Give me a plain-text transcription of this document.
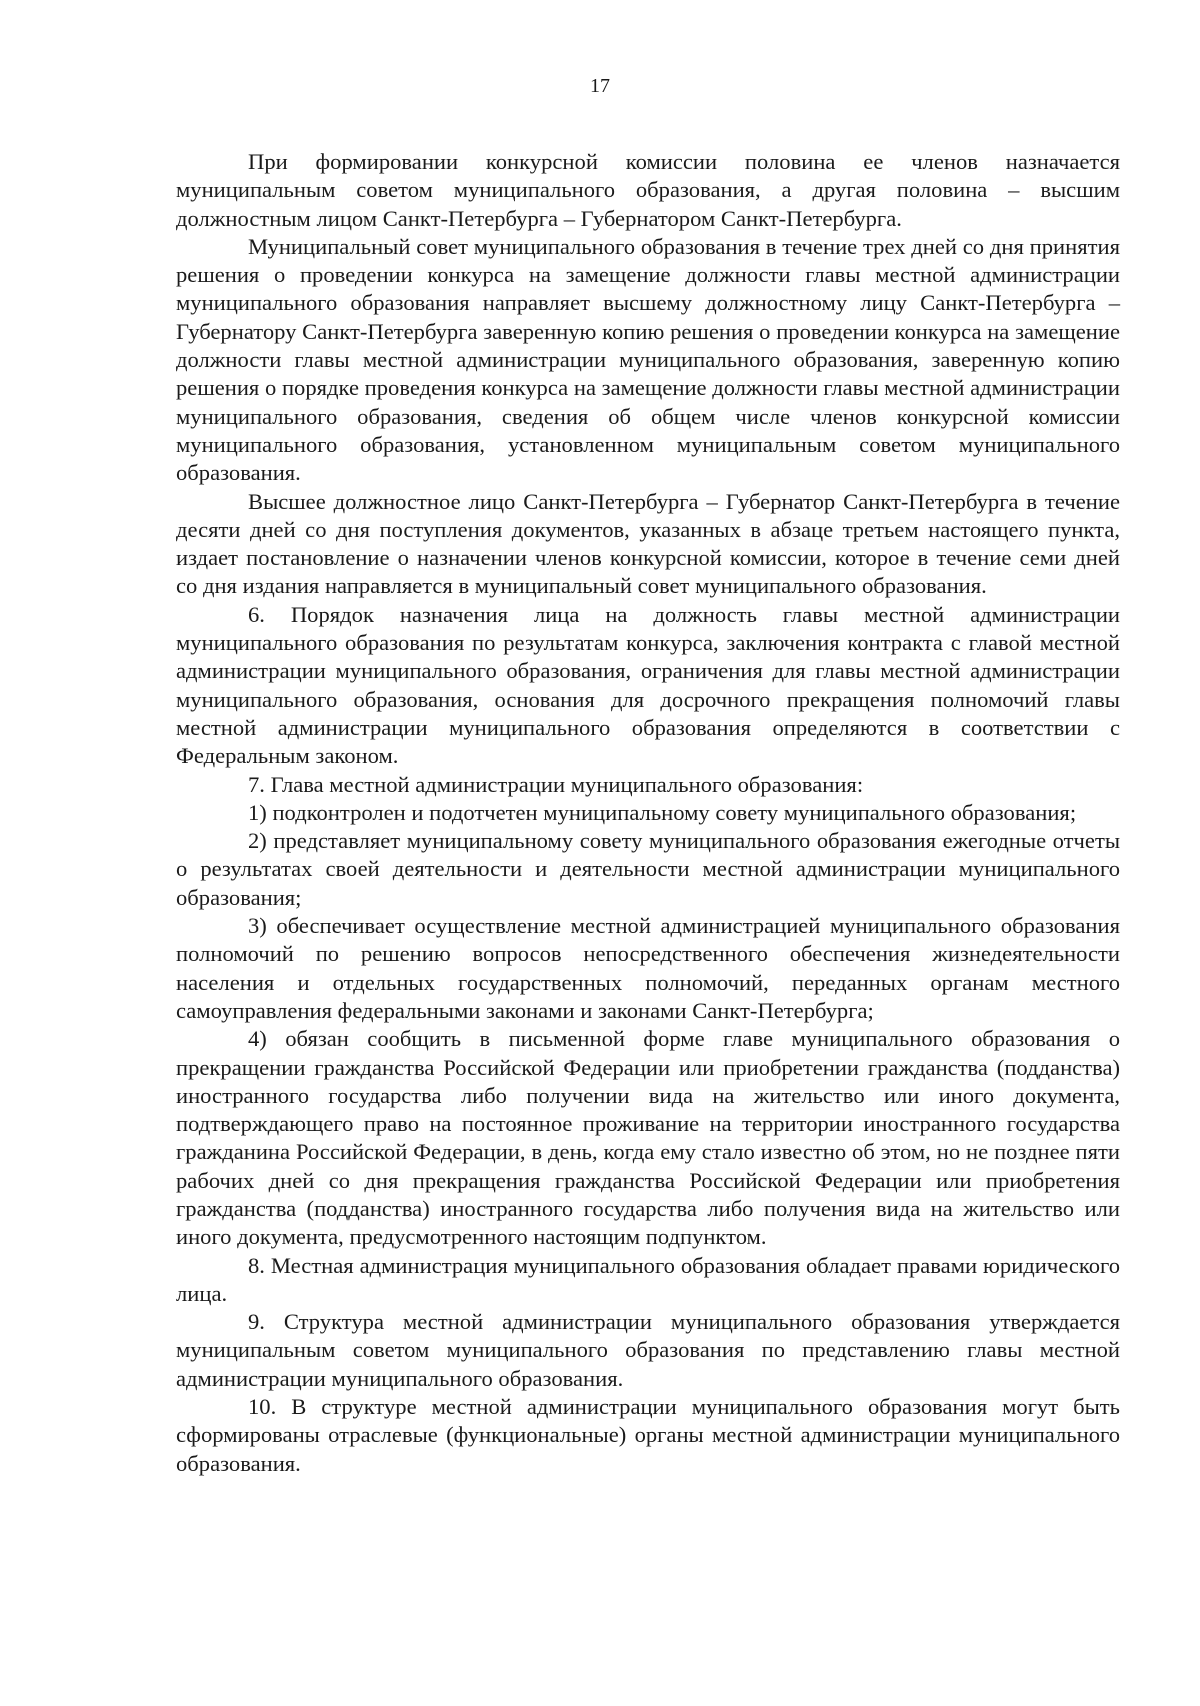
17

При формировании конкурсной комиссии половина ее членов назначается муниципальным советом муниципального образования, а другая половина – высшим должностным лицом Санкт-Петербурга – Губернатором Санкт-Петербурга.

Муниципальный совет муниципального образования в течение трех дней со дня принятия решения о проведении конкурса на замещение должности главы местной администрации муниципального образования направляет высшему должностному лицу Санкт-Петербурга – Губернатору Санкт-Петербурга заверенную копию решения о проведении конкурса на замещение должности главы местной администрации муниципального образования, заверенную копию решения о порядке проведения конкурса на замещение должности главы местной администрации муниципального образования, сведения об общем числе членов конкурсной комиссии муниципального образования, установленном муниципальным советом муниципального образования.

Высшее должностное лицо Санкт-Петербурга – Губернатор Санкт-Петербурга в течение десяти дней со дня поступления документов, указанных в абзаце третьем настоящего пункта, издает постановление о назначении членов конкурсной комиссии, которое в течение семи дней со дня издания направляется в муниципальный совет муниципального образования.

6. Порядок назначения лица на должность главы местной администрации муниципального образования по результатам конкурса, заключения контракта с главой местной администрации муниципального образования, ограничения для главы местной администрации муниципального образования, основания для досрочного прекращения полномочий главы местной администрации муниципального образования определяются в соответствии с Федеральным законом.

7. Глава местной администрации муниципального образования:

1) подконтролен и подотчетен муниципальному совету муниципального образования;

2) представляет муниципальному совету муниципального образования ежегодные отчеты о результатах своей деятельности и деятельности местной администрации муниципального образования;

3) обеспечивает осуществление местной администрацией муниципального образования полномочий по решению вопросов непосредственного обеспечения жизнедеятельности населения и отдельных государственных полномочий, переданных органам местного самоуправления федеральными законами и законами Санкт-Петербурга;

4) обязан сообщить в письменной форме главе муниципального образования о прекращении гражданства Российской Федерации или приобретении гражданства (подданства) иностранного государства либо получении вида на жительство или иного документа, подтверждающего право на постоянное проживание на территории иностранного государства гражданина Российской Федерации, в день, когда ему стало известно об этом, но не позднее пяти рабочих дней со дня прекращения гражданства Российской Федерации или приобретения гражданства (подданства) иностранного государства либо получения вида на жительство или иного документа, предусмотренного настоящим подпунктом.

8. Местная администрация муниципального образования обладает правами юридического лица.

9. Структура местной администрации муниципального образования утверждается муниципальным советом муниципального образования по представлению главы местной администрации муниципального образования.

10. В структуре местной администрации муниципального образования могут быть сформированы отраслевые (функциональные) органы местной администрации муниципального образования.
